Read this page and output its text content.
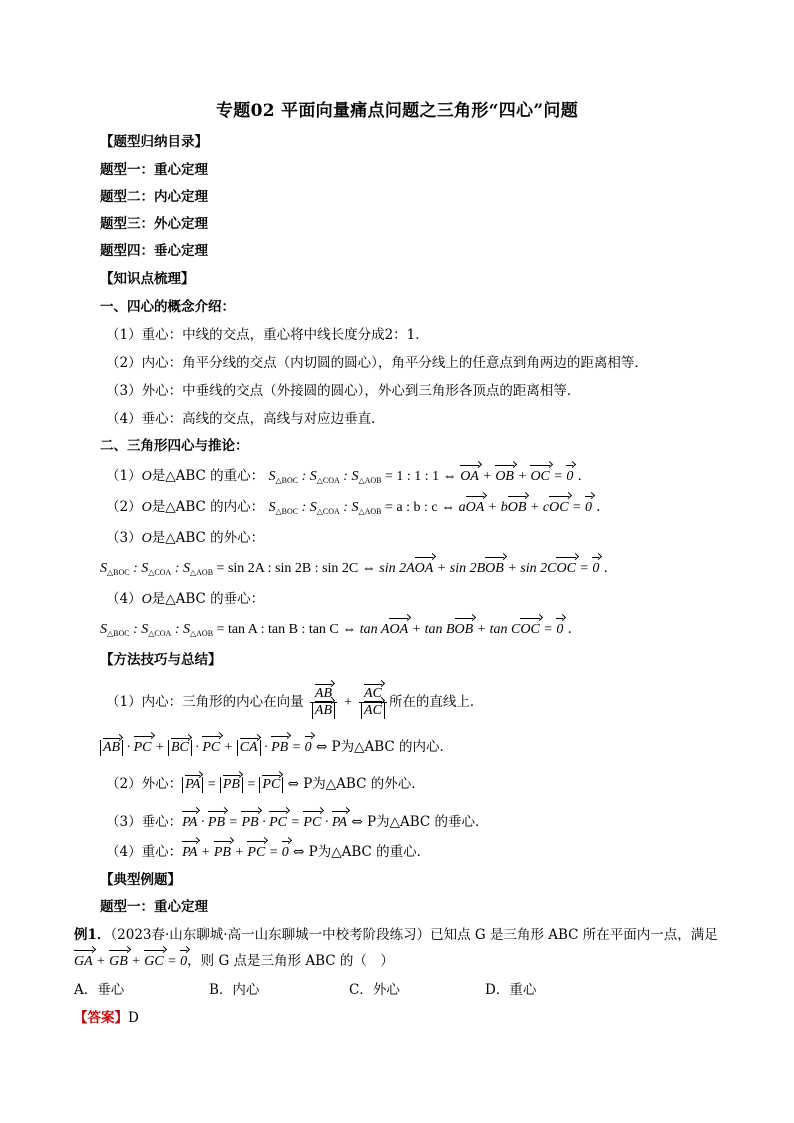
专题02 平面向量痛点问题之三角形“四心”问题
【题型归纳目录】
题型一：重心定理
题型二：内心定理
题型三：外心定理
题型四：垂心定理
【知识点梳理】
一、四心的概念介绍：
（1）重心：中线的交点，重心将中线长度分成2：1．
（2）内心：角平分线的交点（内切圆的圆心），角平分线上的任意点到角两边的距离相等．
（3）外心：中垂线的交点（外接圆的圆心），外心到三角形各顶点的距离相等．
（4）垂心：高线的交点，高线与对应边垂直．
二、三角形四心与推论：
（1）O是△ABC 的重心： $S_{\triangle BOC}$ : $S_{\triangle COA}$ : $S_{\triangle AOB} = 1$ : 1 : 1 ⇔ OA + OB + OC = 0 ．
（2）O是△ABC 的内心： $S_{\triangle BOC}$ : $S_{\triangle COA}$ : $S_{\triangle AOB} = a$ : b : c ⇔ aOA + bOB + cOC = 0 ．
（3）O是△ABC 的外心：
$S_{\triangle BOC}$ : $S_{\triangle COA}$ : $S_{\triangle AOB} = \sin 2A$ : sin 2B : sin 2C ⇔ sin 2AOA + sin 2BOB + sin 2COC = 0 ．
（4）O是△ABC 的垂心：
$S_{\triangle BOC}$ : $S_{\triangle COA}$ : $S_{\triangle AOB} = \tan A$ : tan B : tan C ⇔ tan AOA + tan BOB + tan COC = 0 ．
【方法技巧与总结】
（1）内心：三角形的内心在向量 $\frac{AB}{AB} + \frac{AC}{AC}$ 所在的直线上．
AB · PC + BC · PC + CA · PB = 0 ⇔ P为△ABC 的内心．
（2）外心： PA = PB = PC ⇔ P为△ABC 的外心．
（3）垂心：PA · PB = PB · PC = PC · PA ⇔ P为△ABC 的垂心．
（4）重心：PA + PB + PC = 0 ⇔ P为△ABC 的重心．
【典型例题】
题型一：重心定理
例1．（2023春·山东聊城·高一山东聊城一中校考阶段练习）已知点 G 是三角形 ABC 所在平面内一点，满足
GA + GB + GC = 0，则 G 点是三角形 ABC 的（　）
A．垂心	B．内心	C．外心	D．重心
【答案】D
